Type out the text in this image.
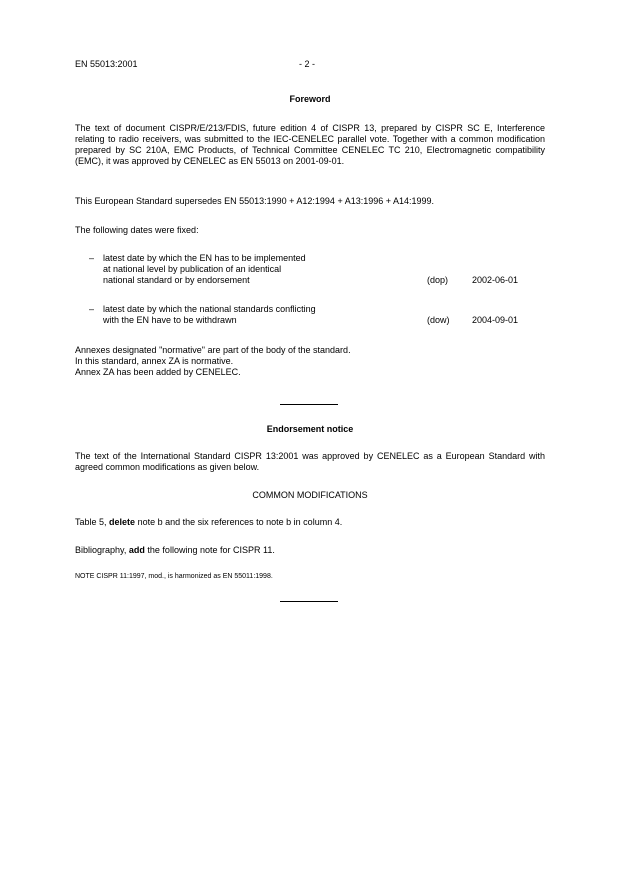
EN 55013:2001	- 2 -
Foreword
The text of document CISPR/E/213/FDIS, future edition 4 of CISPR 13, prepared by CISPR SC E, Interference relating to radio receivers, was submitted to the IEC-CENELEC parallel vote. Together with a common modification prepared by SC 210A, EMC Products, of Technical Committee CENELEC TC 210, Electromagnetic compatibility (EMC), it was approved by CENELEC as EN 55013 on 2001-09-01.
This European Standard supersedes EN 55013:1990 + A12:1994 + A13:1996 + A14:1999.
The following dates were fixed:
– latest date by which the EN has to be implemented

at national level by publication of an identical

national standard or by endorsement	(dop)	2002-06-01
– latest date by which the national standards conflicting

with the EN have to be withdrawn	(dow) 2004-09-01

Annexes designated "normative" are part of the body of the standard.

In this standard, annex ZA is normative.

Annex ZA has been added by CENELEC.

Endorsement notice
The text of the International Standard CISPR 13:2001 was approved by CENELEC as a European Standard with agreed common modifications as given below.
COMMON MODIFICATIONS
Table 5, delete note b and the six references to note b in column 4.
Bibliography, add the following note for CISPR 11.
NOTE CISPR 11:1997, mod., is harmonized as EN 55011:1998.
